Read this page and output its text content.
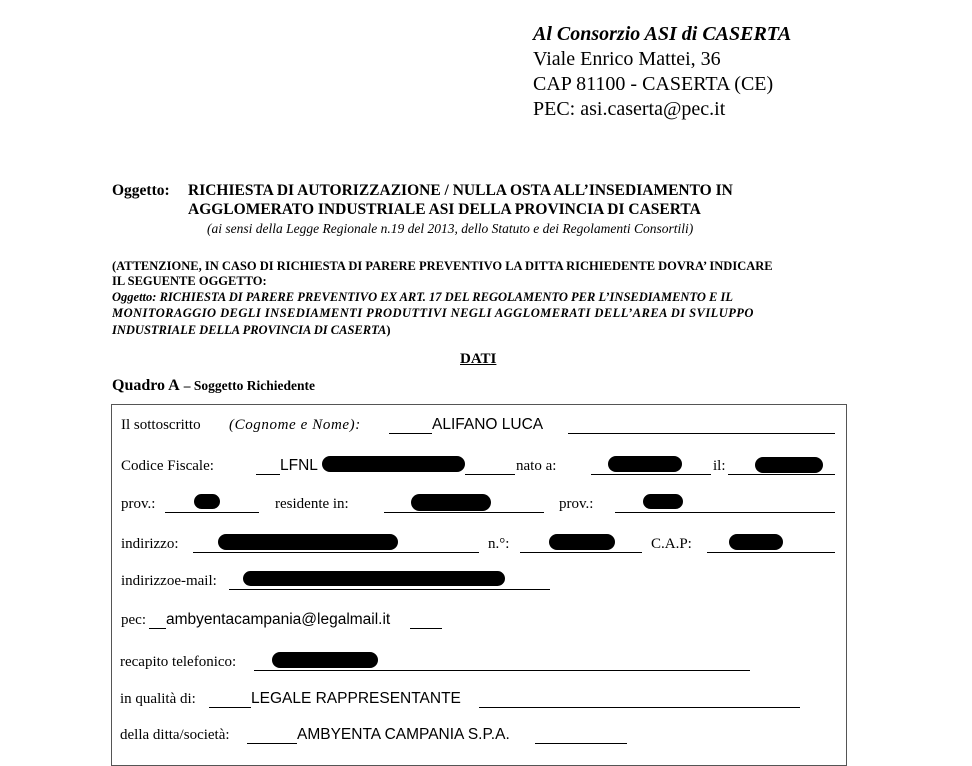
Al Consorzio ASI di CASERTA
Viale Enrico Mattei, 36
CAP 81100 - CASERTA (CE)
PEC: asi.caserta@pec.it
Oggetto: RICHIESTA DI AUTORIZZAZIONE / NULLA OSTA ALL’INSEDIAMENTO IN
AGGLOMERATO INDUSTRIALE ASI DELLA PROVINCIA DI CASERTA
(ai sensi della Legge Regionale n.19 del 2013, dello Statuto e dei Regolamenti Consortili)
(ATTENZIONE, IN CASO DI RICHIESTA DI PARERE PREVENTIVO LA DITTA RICHIEDENTE DOVRA’ INDICARE
IL SEGUENTE OGGETTO:
Oggetto: RICHIESTA DI PARERE PREVENTIVO EX ART. 17 DEL REGOLAMENTO PER L’INSEDIAMENTO E IL
MONITORAGGIO DEGLI INSEDIAMENTI PRODUTTIVI NEGLI AGGLOMERATI DELL’AREA DI SVILUPPO
INDUSTRIALE DELLA PROVINCIA DI CASERTA)
DATI
Quadro A – Soggetto Richiedente
Il sottoscritto (Cognome e Nome):	ALIFANO LUCA
Codice Fiscale:	LFNL	nato a:	il:
prov.:	residente in:	prov.:
indirizzo:	n.°:	C.A.P:
indirizzoe-mail:
pec: ambyentacampania@legalmail.it
recapito telefonico:
in qualità di:	LEGALE RAPPRESENTANTE
della ditta/società:	AMBYENTA CAMPANIA S.P.A.
